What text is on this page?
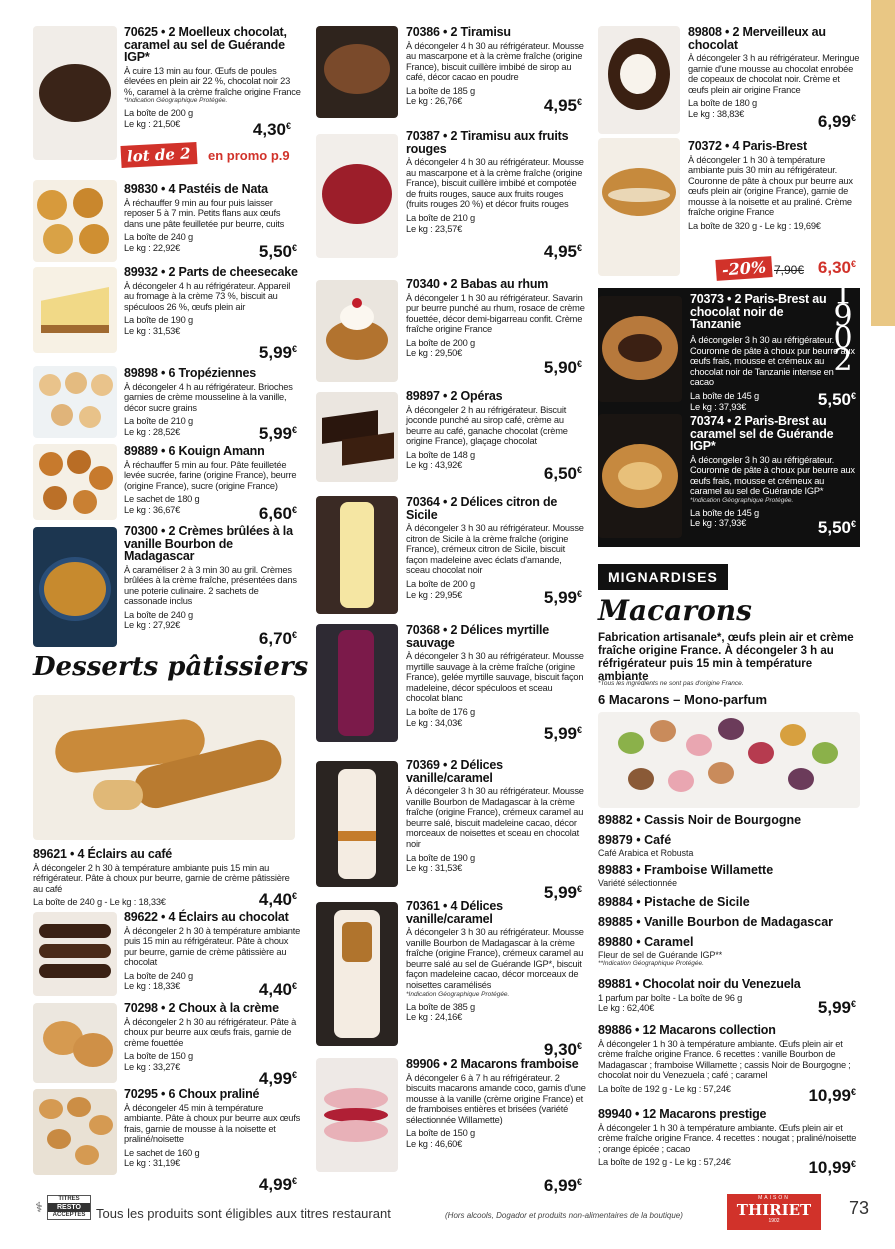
70625 • 2 Moelleux chocolat, caramel au sel de Guérande IGP*
À cuire 13 min au four. Œufs de poules élevées en plein air 22 %, chocolat noir 23 %, caramel à la crème fraîche origine France
*Indication Géographique Protégée.
La boîte de 200 g
Le kg : 21,50€	4,30€
lot de 2	en promo p.9
89830 • 4 Pastéis de Nata
À réchauffer 9 min au four puis laisser reposer 5 à 7 min. Petits flans aux œufs dans une pâte feuilletée pur beurre, cuits
La boîte de 240 g
Le kg : 22,92€	5,50€
89932 • 2 Parts de cheesecake
À décongeler 4 h au réfrigérateur. Appareil au fromage à la crème 73 %, biscuit au spéculoos 26 %, œufs plein air
La boîte de 190 g
Le kg : 31,53€
5,99€
89898 • 6 Tropéziennes
À décongeler 4 h au réfrigérateur. Brioches garnies de crème mousseline à la vanille, décor sucre grains
La boîte de 210 g
Le kg : 28,52€	5,99€
89889 • 6 Kouign Amann
À réchauffer 5 min au four. Pâte feuilletée levée sucrée, farine (origine France), beurre (origine France), sucre (origine France)
Le sachet de 180 g
Le kg : 36,67€	6,60€
70300 • 2 Crèmes brûlées à la vanille Bourbon de Madagascar
À caraméliser 2 à 3 min 30 au gril. Crèmes brûlées à la crème fraîche, présentées dans une poterie culinaire. 2 sachets de cassonade inclus
La boîte de 240 g
Le kg : 27,92€
6,70€
Desserts pâtissiers
89621 • 4 Éclairs au café
À décongeler 2 h 30 à température ambiante puis 15 min au réfrigérateur. Pâte à choux pur beurre, garnie de crème pâtissière au café
La boîte de 240 g - Le kg : 18,33€	4,40€
89622 • 4 Éclairs au chocolat
À décongeler 2 h 30 à température ambiante puis 15 min au réfrigérateur. Pâte à choux pur beurre, garnie de crème pâtissière au chocolat
La boîte de 240 g
Le kg : 18,33€	4,40€
70298 • 2 Choux à la crème
À décongeler 2 h 30 au réfrigérateur. Pâte à choux pur beurre aux œufs frais, garnie de crème fouettée
La boîte de 150 g
Le kg : 33,27€
4,99€
70295 • 6 Choux praliné
À décongeler 45 min à température ambiante. Pâte à choux pur beurre aux œufs frais, garnie de mousse à la noisette et praliné/noisette
Le sachet de 160 g
Le kg : 31,19€
4,99€
70386 • 2 Tiramisu
À décongeler 4 h 30 au réfrigérateur. Mousse au mascarpone et à la crème fraîche (origine France), biscuit cuillère imbibé de sirop au café, décor cacao en poudre
La boîte de 185 g
Le kg : 26,76€	4,95€
70387 • 2 Tiramisu aux fruits rouges
À décongeler 4 h 30 au réfrigérateur. Mousse au mascarpone et à la crème fraîche (origine France), biscuit cuillère imbibé et compotée de fruits rouges, sauce aux fruits rouges (fruits rouges 20 %) et décor fruits rouges
La boîte de 210 g
Le kg : 23,57€
4,95€
70340 • 2 Babas au rhum
À décongeler 1 h 30 au réfrigérateur. Savarin pur beurre punché au rhum, rosace de crème fouettée, décor demi-bigarreau confit. Crème fraîche origine France
La boîte de 200 g
Le kg : 29,50€
5,90€
89897 • 2 Opéras
À décongeler 2 h au réfrigérateur. Biscuit joconde punché au sirop café, crème au beurre au café, ganache chocolat (crème origine France), glaçage chocolat
La boîte de 148 g
Le kg : 43,92€	6,50€
70364 • 2 Délices citron de Sicile
À décongeler 3 h 30 au réfrigérateur. Mousse citron de Sicile à la crème fraîche (origine France), crémeux citron de Sicile, biscuit façon madeleine avec éclats d'amande, sceau chocolat noir
La boîte de 200 g
Le kg : 29,95€	5,99€
70368 • 2 Délices myrtille sauvage
À décongeler 3 h 30 au réfrigérateur. Mousse myrtille sauvage à la crème fraîche (origine France), gelée myrtille sauvage, biscuit façon madeleine, décor spéculoos et sceau chocolat blanc
La boîte de 176 g
Le kg : 34,03€
5,99€
70369 • 2 Délices vanille/caramel
À décongeler 3 h 30 au réfrigérateur. Mousse vanille Bourbon de Madagascar à la crème fraîche (origine France), crémeux caramel au beurre salé, biscuit madeleine cacao, décor morceaux de noisettes et sceau en chocolat noir
La boîte de 190 g
Le kg : 31,53€
5,99€
70361 • 4 Délices vanille/caramel
À décongeler 3 h 30 au réfrigérateur. Mousse vanille Bourbon de Madagascar à la crème fraîche (origine France), crémeux caramel au beurre salé au sel de Guérande IGP*, biscuit façon madeleine cacao, décor morceaux de noisettes caramélisés
*Indication Géographique Protégée.
La boîte de 385 g
Le kg : 24,16€
9,30€
89906 • 2 Macarons framboise
À décongeler 6 à 7 h au réfrigérateur. 2 biscuits macarons amande coco, garnis d'une mousse à la vanille (crème origine France) et de framboises entières et brisées (variété sélectionnée Willamette)
La boîte de 150 g
Le kg : 46,60€
6,99€
89808 • 2 Merveilleux au chocolat
À décongeler 3 h au réfrigérateur. Meringue garnie d'une mousse au chocolat enrobée de copeaux de chocolat noir. Crème et œufs plein air origine France
La boîte de 180 g
Le kg : 38,83€	6,99€
70372 • 4 Paris-Brest
À décongeler 1 h 30 à température ambiante puis 30 min au réfrigérateur. Couronne de pâte à choux pur beurre aux œufs plein air (origine France), garnie de mousse à la noisette et au praliné. Crème fraîche origine France
La boîte de 320 g - Le kg : 19,69€
-20% 7,90€ 6,30€
1902
70373 • 2 Paris-Brest au chocolat noir de Tanzanie
À décongeler 3 h 30 au réfrigérateur. Couronne de pâte à choux pur beurre aux œufs frais, mousse et crémeux au chocolat noir de Tanzanie intense en cacao
La boîte de 145 g
Le kg : 37,93€	5,50€
70374 • 2 Paris-Brest au caramel sel de Guérande IGP*
À décongeler 3 h 30 au réfrigérateur. Couronne de pâte à choux pur beurre aux œufs frais, mousse et crémeux au caramel au sel de Guérande IGP*
*Indication Géographique Protégée.
La boîte de 145 g
Le kg : 37,93€	5,50€
MIGNARDISES
Macarons
Fabrication artisanale*, œufs plein air et crème fraîche origine France. À décongeler 3 h au réfrigérateur puis 15 min à température ambiante
*Tous les ingrédients ne sont pas d'origine France.
6 Macarons – Mono-parfum
89882 • Cassis Noir de Bourgogne
89879 • Café
Café Arabica et Robusta
89883 • Framboise Willamette
Variété sélectionnée
89884 • Pistache de Sicile
89885 • Vanille Bourbon de Madagascar
89880 • Caramel
Fleur de sel de Guérande IGP**
**Indication Géographique Protégée.
89881 • Chocolat noir du Venezuela
1 parfum par boîte - La boîte de 96 g
Le kg : 62,40€	5,99€
89886 • 12 Macarons collection
À décongeler 1 h 30 à température ambiante. Œufs plein air et crème fraîche origine France. 6 recettes : vanille Bourbon de Madagascar ; framboise Willamette ; cassis Noir de Bourgogne ; chocolat noir du Venezuela ; café ; caramel
La boîte de 192 g - Le kg : 57,24€	10,99€
89940 • 12 Macarons prestige
À décongeler 1 h 30 à température ambiante. Œufs plein air et crème fraîche origine France. 4 recettes : nougat ; praliné/noisette ; orange épicée ; cacao
La boîte de 192 g - Le kg : 57,24€	10,99€
⚕	TITRES
RESTO
ACCEPTÉS Tous les produits sont éligibles aux titres restaurant	(Hors alcools, Dogador et produits non-alimentaires de la boutique)
MAISON
THIRIET
1902
73
